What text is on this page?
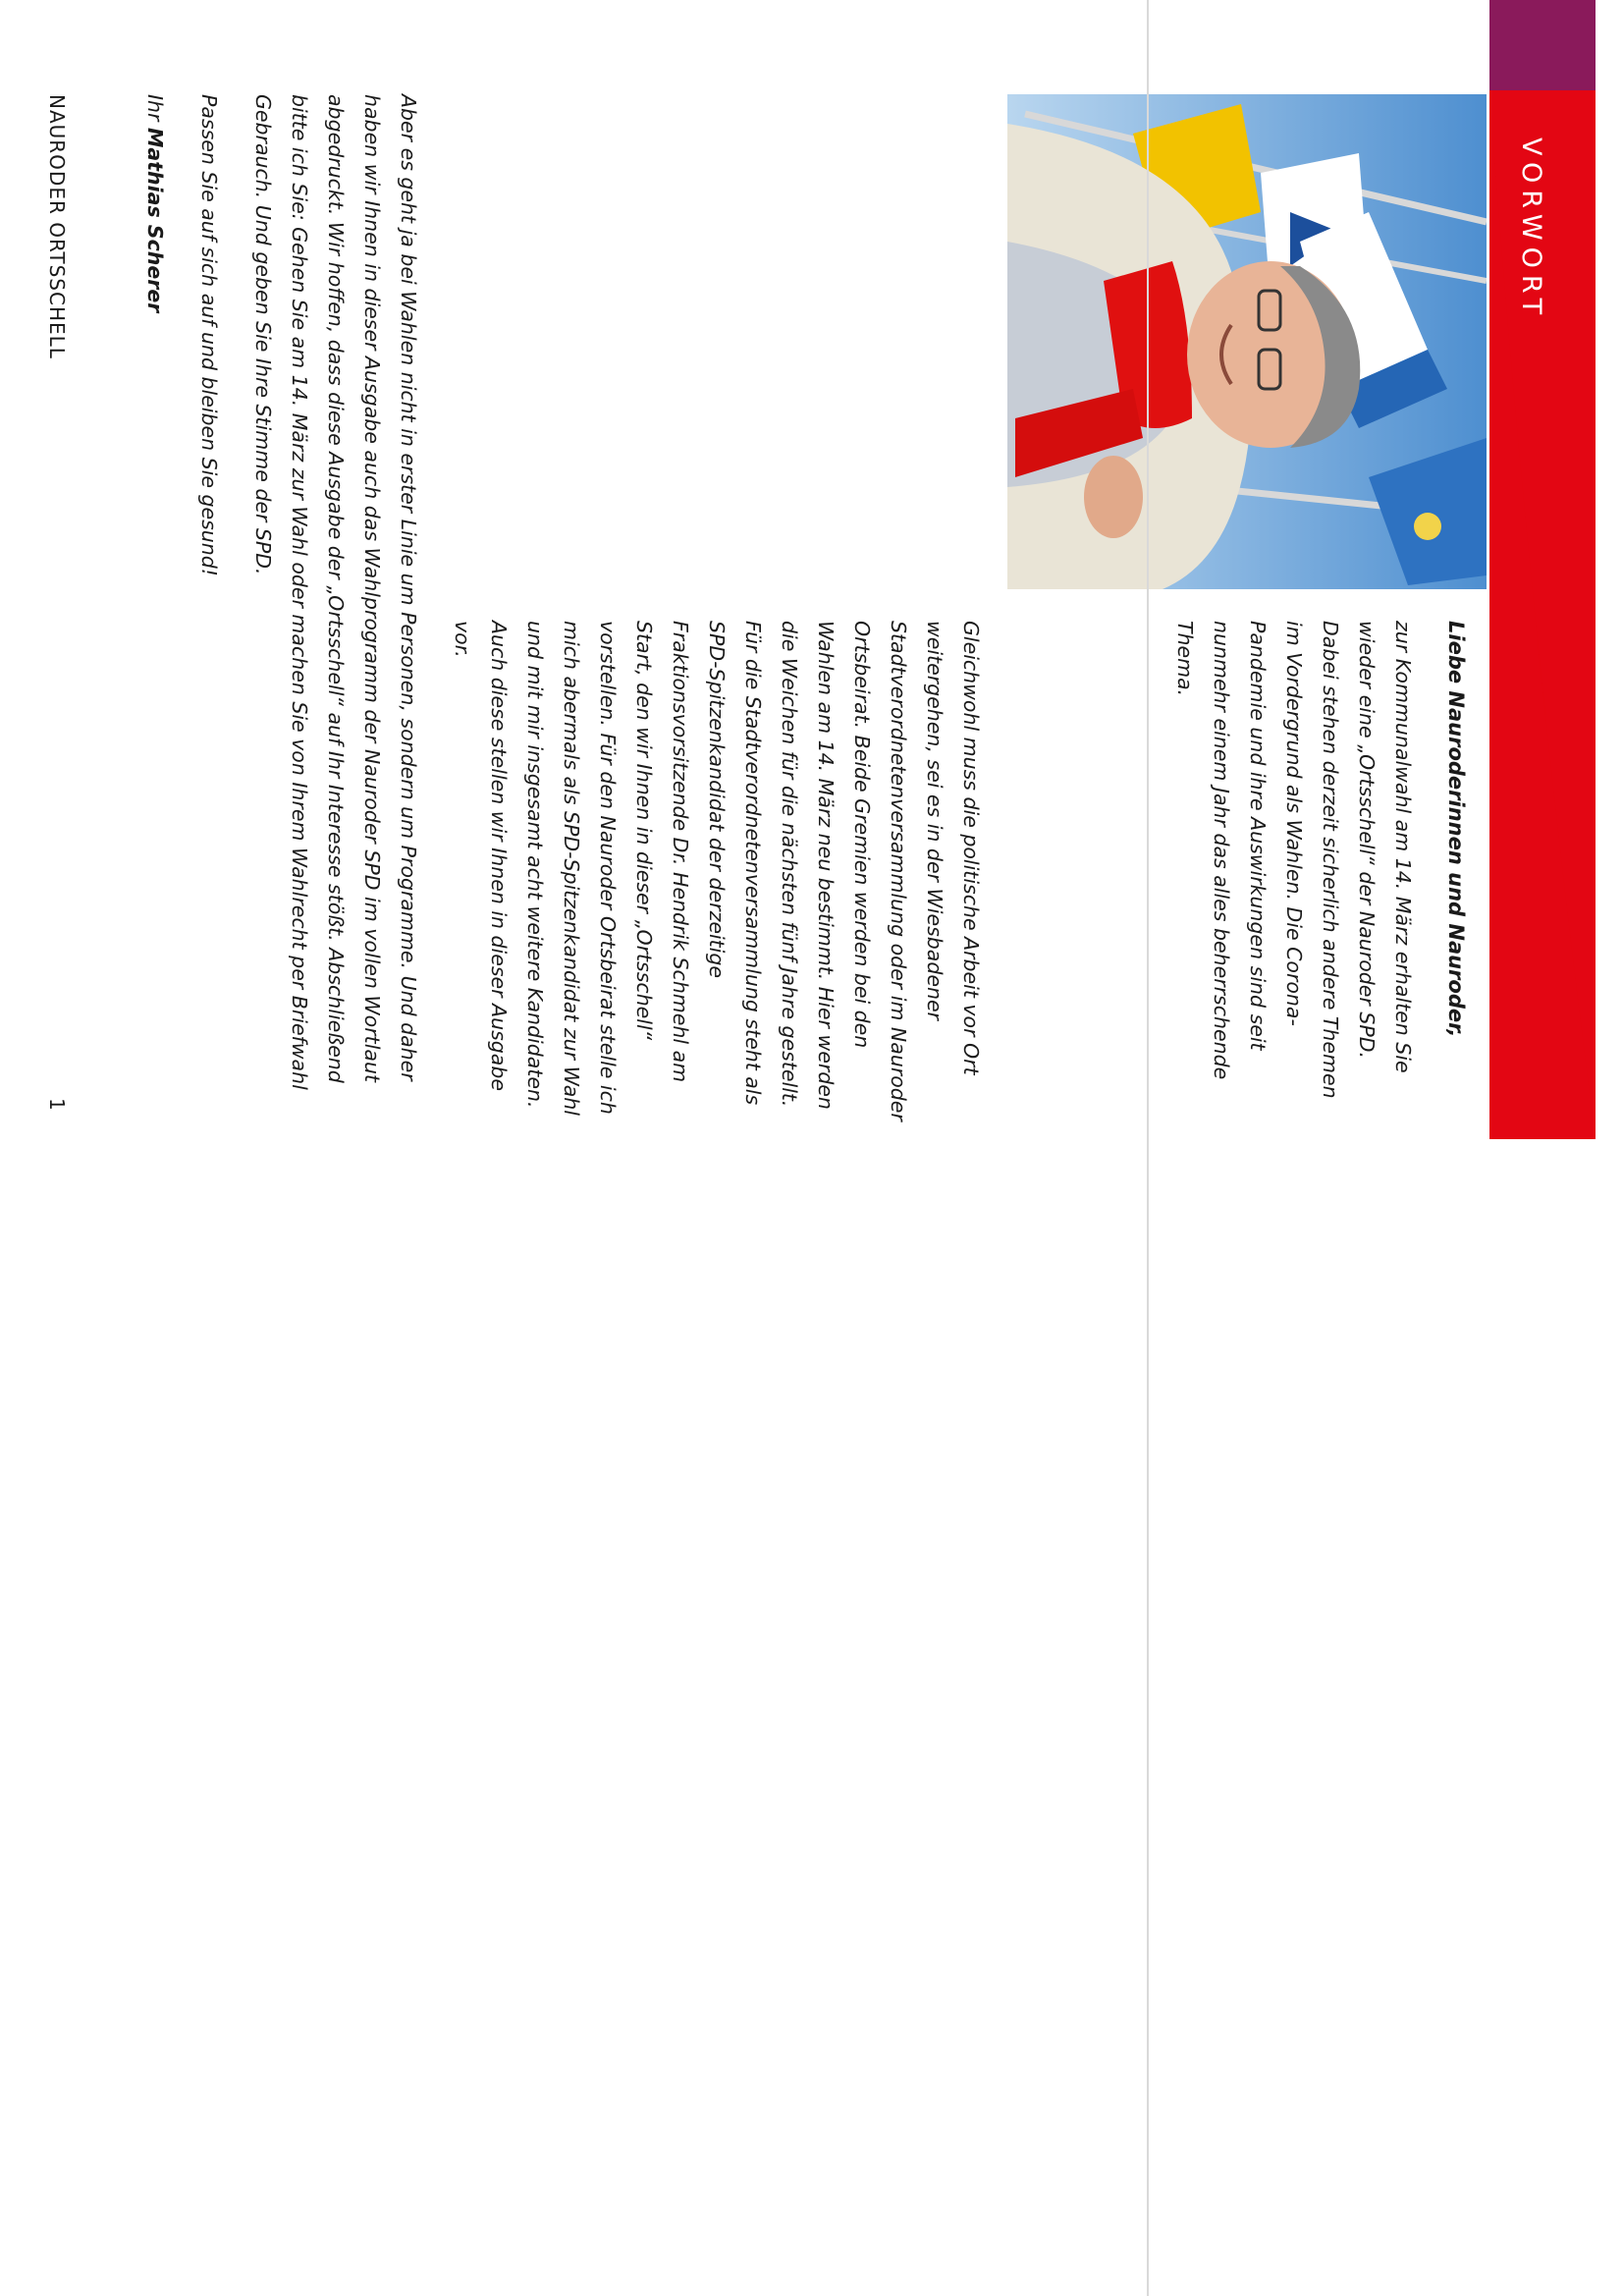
VORWORT
Liebe Nauroderinnen und Nauroder,

zur Kommunalwahl am 14. März erhalten Sie wieder eine „Ortsschell“ der Nauroder SPD. Dabei stehen derzeit sicherlich andere Themen im Vordergrund als Wahlen. Die Corona-Pandemie und ihre Auswirkungen sind seit nunmehr einem Jahr das alles beherrschende Thema.

Gleichwohl muss die politische Arbeit vor Ort weitergehen, sei es in der Wiesbadener Stadtverordnetenversammlung oder im Nauroder Ortsbeirat. Beide Gremien werden bei den Wahlen am 14. März neu bestimmt. Hier werden die Weichen für die nächsten fünf Jahre gestellt. Für die Stadtverordnetenversammlung steht als SPD-Spitzenkandidat der derzeitige Fraktionsvorsitzende Dr. Hendrik Schmehl am Start, den wir Ihnen in dieser „Ortsschell“ vorstellen. Für den Nauroder Ortsbeirat stelle ich mich abermals als SPD-Spitzenkandidat zur Wahl und mit mir insgesamt acht weitere Kandidaten. Auch diese stellen wir Ihnen in dieser Ausgabe vor.

Aber es geht ja bei Wahlen nicht in erster Linie um Personen, sondern um Programme. Und daher haben wir Ihnen in dieser Ausgabe auch das Wahlprogramm der Nauroder SPD im vollen Wortlaut abgedruckt. Wir hoffen, dass diese Ausgabe der „Ortsschell“ auf Ihr Interesse stößt. Abschließend bitte ich Sie: Gehen Sie am 14. März zur Wahl oder machen Sie von Ihrem Wahlrecht per Briefwahl Gebrauch. Und geben Sie Ihre Stimme der SPD.

Passen Sie auf sich auf und bleiben Sie gesund!

Ihr Mathias Scherer
NAURODER ORTSSCHELL
1
